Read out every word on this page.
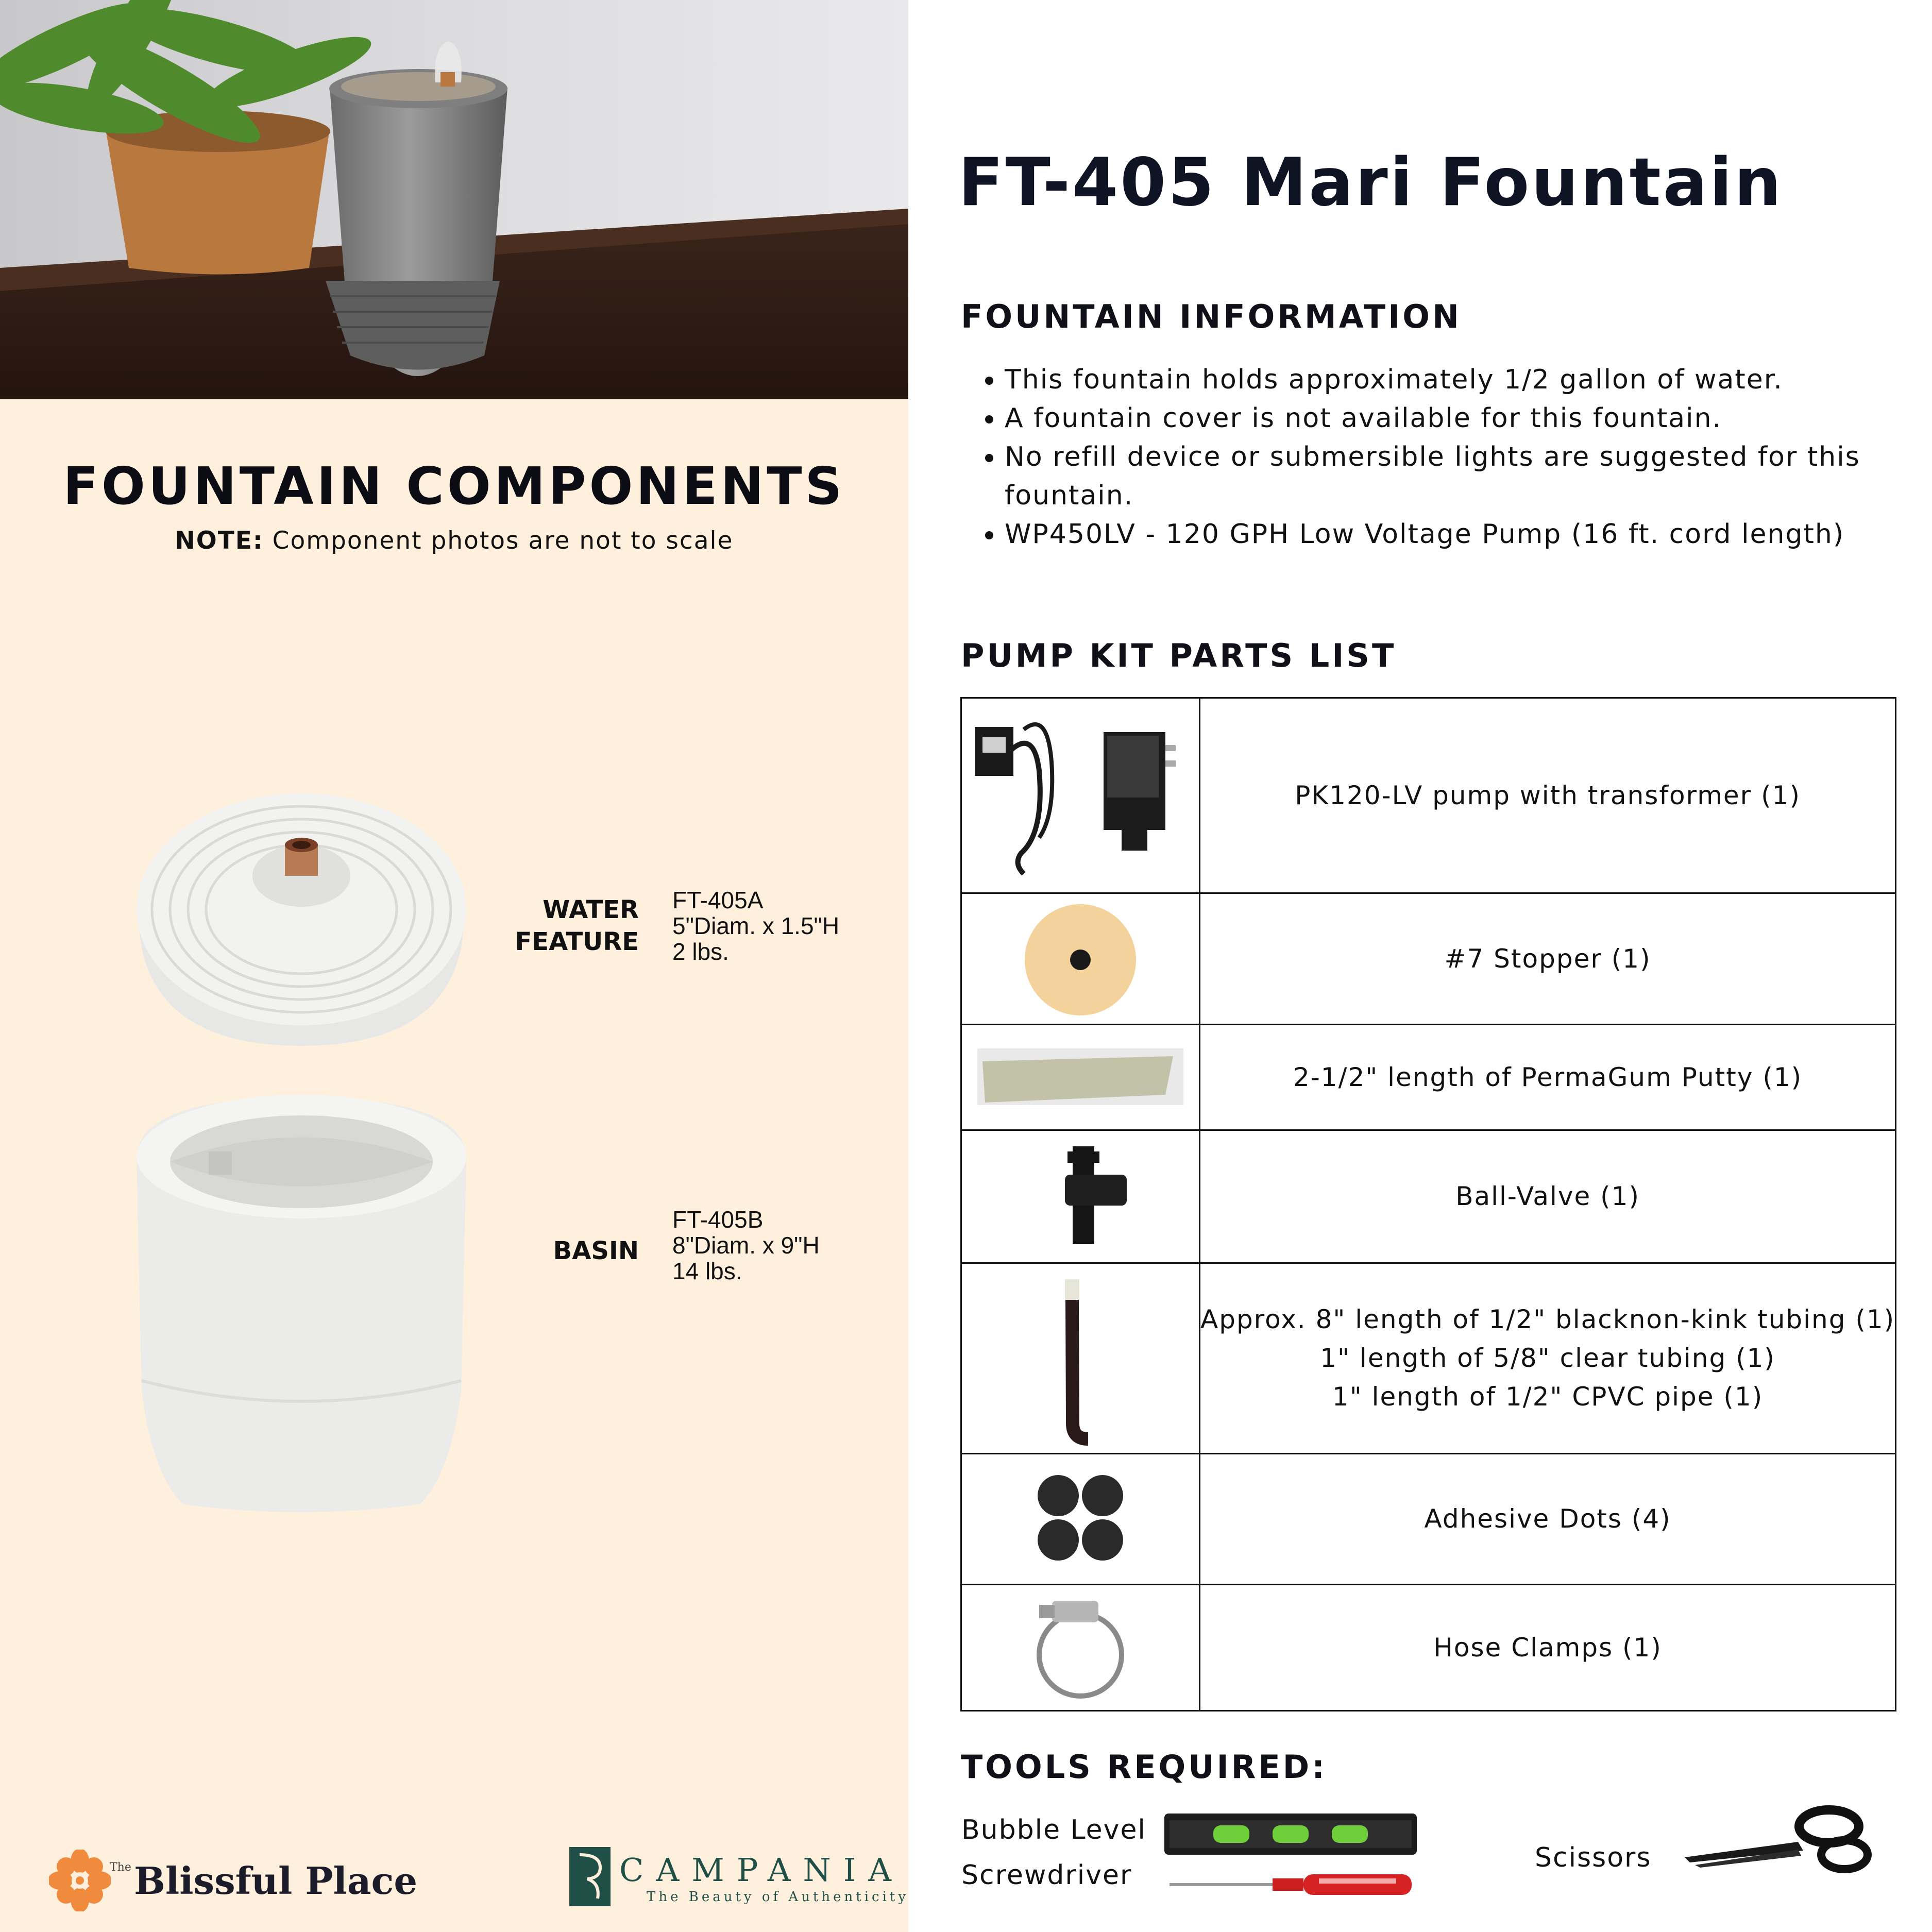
FOUNTAIN COMPONENTS
NOTE: Component photos are not to scale
WATER
FEATURE
FT-405A
5"Diam. x 1.5"H
2 lbs.
BASIN
FT-405B
8"Diam. x 9"H
14 lbs.
The Blissful Place	CAMPANIA
The Beauty of Authenticity
FT-405 Mari Fountain
FOUNTAIN INFORMATION
• This fountain holds approximately 1/2 gallon of water.
• A fountain cover is not available for this fountain.
• No refill device or submersible lights are suggested for this fountain.
• WP450LV - 120 GPH Low Voltage Pump (16 ft. cord length)
PUMP KIT PARTS LIST

PK120-LV pump with transformer (1)

#7 Stopper (1)

2-1/2" length of PermaGum Putty (1)

Ball-Valve (1)

Approx. 8" length of 1/2" blacknon-kink tubing (1)
1" length of 5/8" clear tubing (1)
1" length of 1/2" CPVC pipe (1)

Adhesive Dots (4)

Hose Clamps (1)
TOOLS REQUIRED:
Bubble Level
Screwdriver
Scissors
